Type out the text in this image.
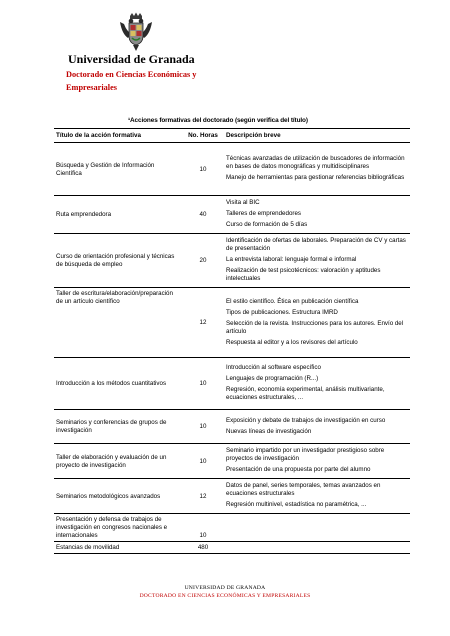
Universidad de Granada
Doctorado en Ciencias Económicas y Empresariales
¹Acciones formativas del doctorado (según verifica del título)
Título de la acción formativa	No. Horas	Descripción breve
Búsqueda y Gestión de Información Científica	10	Técnicas avanzadas de utilización de buscadores de información en bases de datos monográficas y multidisciplinares
Manejo de herramientas para gestionar referencias bibliográficas

Ruta emprendedora	40	Visita al BIC
Talleres de emprendedores
Curso de formación de 5 días

Curso de orientación profesional y técnicas de búsqueda de empleo	20	Identificación de ofertas de laborales. Preparación de CV y cartas de presentación
La entrevista laboral: lenguaje formal e informal
Realización de test psicotécnicos: valoración y aptitudes intelectuales

Taller de escritura/elaboración/preparación de un artículo científico	12	El estilo científico. Ética en publicación científica
Tipos de publicaciones. Estructura IMRD
Selección de la revista. Instrucciones para los autores. Envío del artículo
Respuesta al editor y a los revisores del artículo

Introducción a los métodos cuantitativos	10	Introducción al software específico
Lenguajes de programación (R...)
Regresión, economía experimental, análisis multivariante, ecuaciones estructurales, ...

Seminarios y conferencias de grupos de investigación	10	Exposición y debate de trabajos de investigación en curso
Nuevas líneas de investigación

Taller de elaboración y evaluación de un proyecto de investigación	10	Seminario impartido por un investigador prestigioso sobre proyectos de investigación
Presentación de una propuesta por parte del alumno

Seminarios metodológicos avanzados	12	Datos de panel, series temporales, temas avanzados en ecuaciones estructurales
Regresión multinivel, estadística no paramétrica, ...

Presentación y defensa de trabajos de investigación en congresos nacionales e internacionales	10	
Estancias de movilidad	480	
UNIVERSIDAD DE GRANADA
DOCTORADO EN CIENCIAS ECONÓMICAS Y EMPRESARIALES
